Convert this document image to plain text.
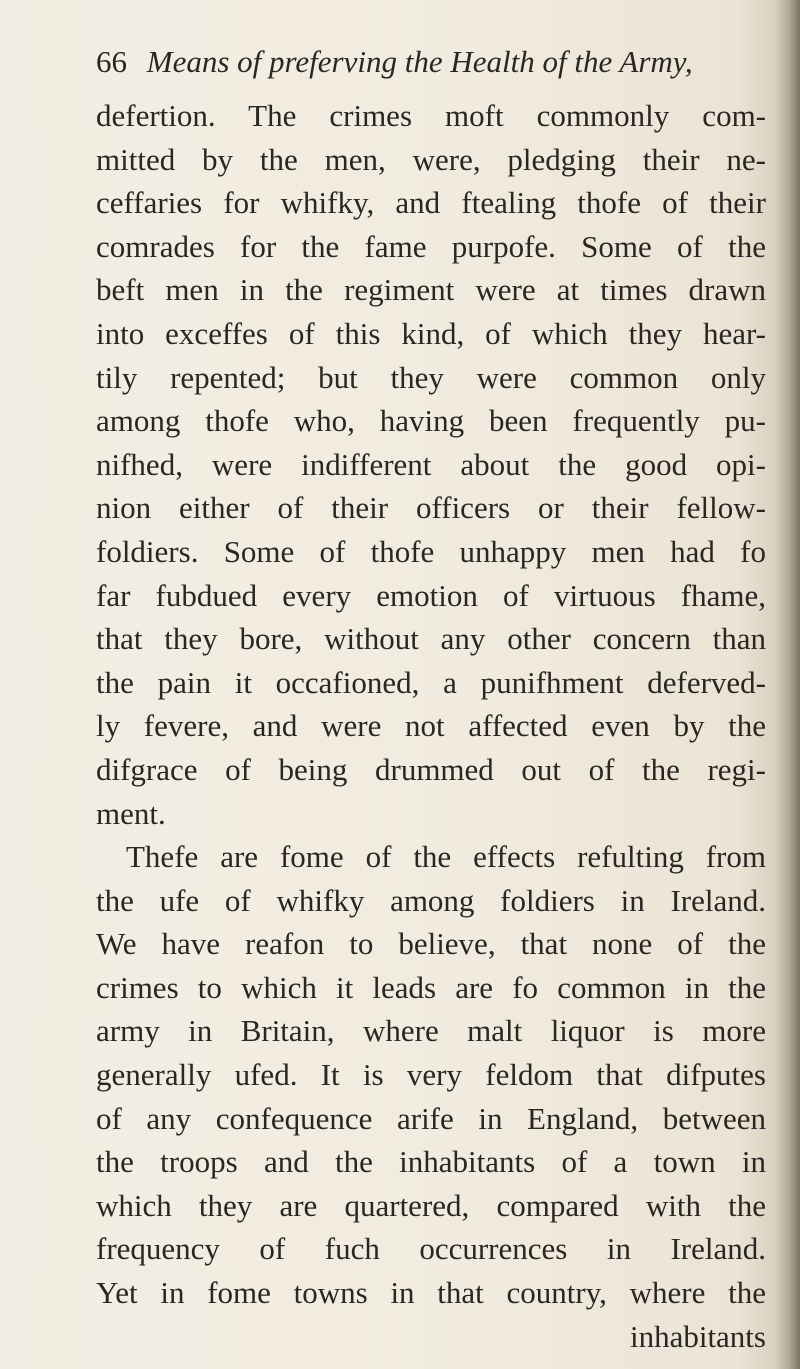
66 Means of preferving the Health of the Army,
defertion. The crimes moft commonly com-
mitted by the men, were, pledging their ne-
ceffaries for whifky, and ftealing thofe of their
comrades for the fame purpofe. Some of the
beft men in the regiment were at times drawn
into exceffes of this kind, of which they hear-
tily repented; but they were common only
among thofe who, having been frequently pu-
nifhed, were indifferent about the good opi-
nion either of their officers or their fellow-
foldiers. Some of thofe unhappy men had fo
far fubdued every emotion of virtuous fhame,
that they bore, without any other concern than
the pain it occafioned, a punifhment deferved-
ly fevere, and were not affected even by the
difgrace of being drummed out of the regi-
ment.
Thefe are fome of the effects refulting from
the ufe of whifky among foldiers in Ireland.
We have reafon to believe, that none of the
crimes to which it leads are fo common in the
army in Britain, where malt liquor is more
generally ufed. It is very feldom that difputes
of any confequence arife in England, between
the troops and the inhabitants of a town in
which they are quartered, compared with the
frequency of fuch occurrences in Ireland.
Yet in fome towns in that country, where the
inhabitants
